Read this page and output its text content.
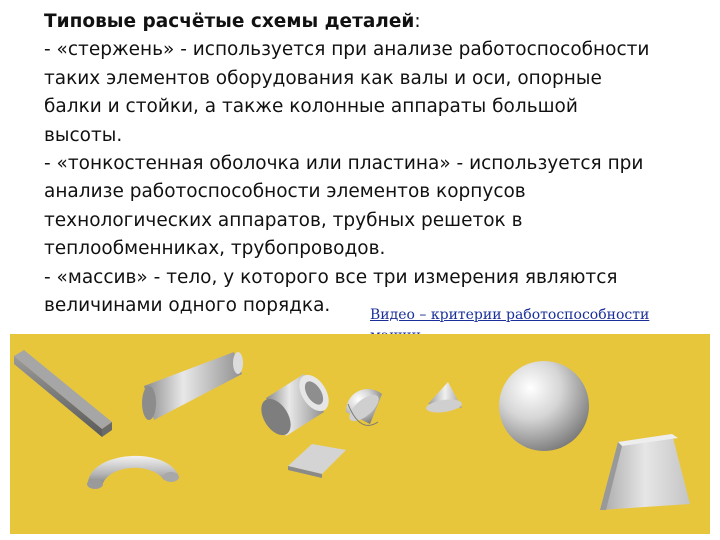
Типовые расчётые схемы деталей:
- «стержень» - используется при анализе работоспособности
таких элементов оборудования как валы и оси, опорные
балки и стойки, а также колонные аппараты большой
высоты.
- «тонкостенная оболочка или пластина» - используется при
анализе работоспособности элементов корпусов
технологических аппаратов, трубных решеток в
теплообменниках, трубопроводов.
- «массив» - тело, у которого все три измерения являются
величинами одного порядка.	Видео – критерии работоспособности
